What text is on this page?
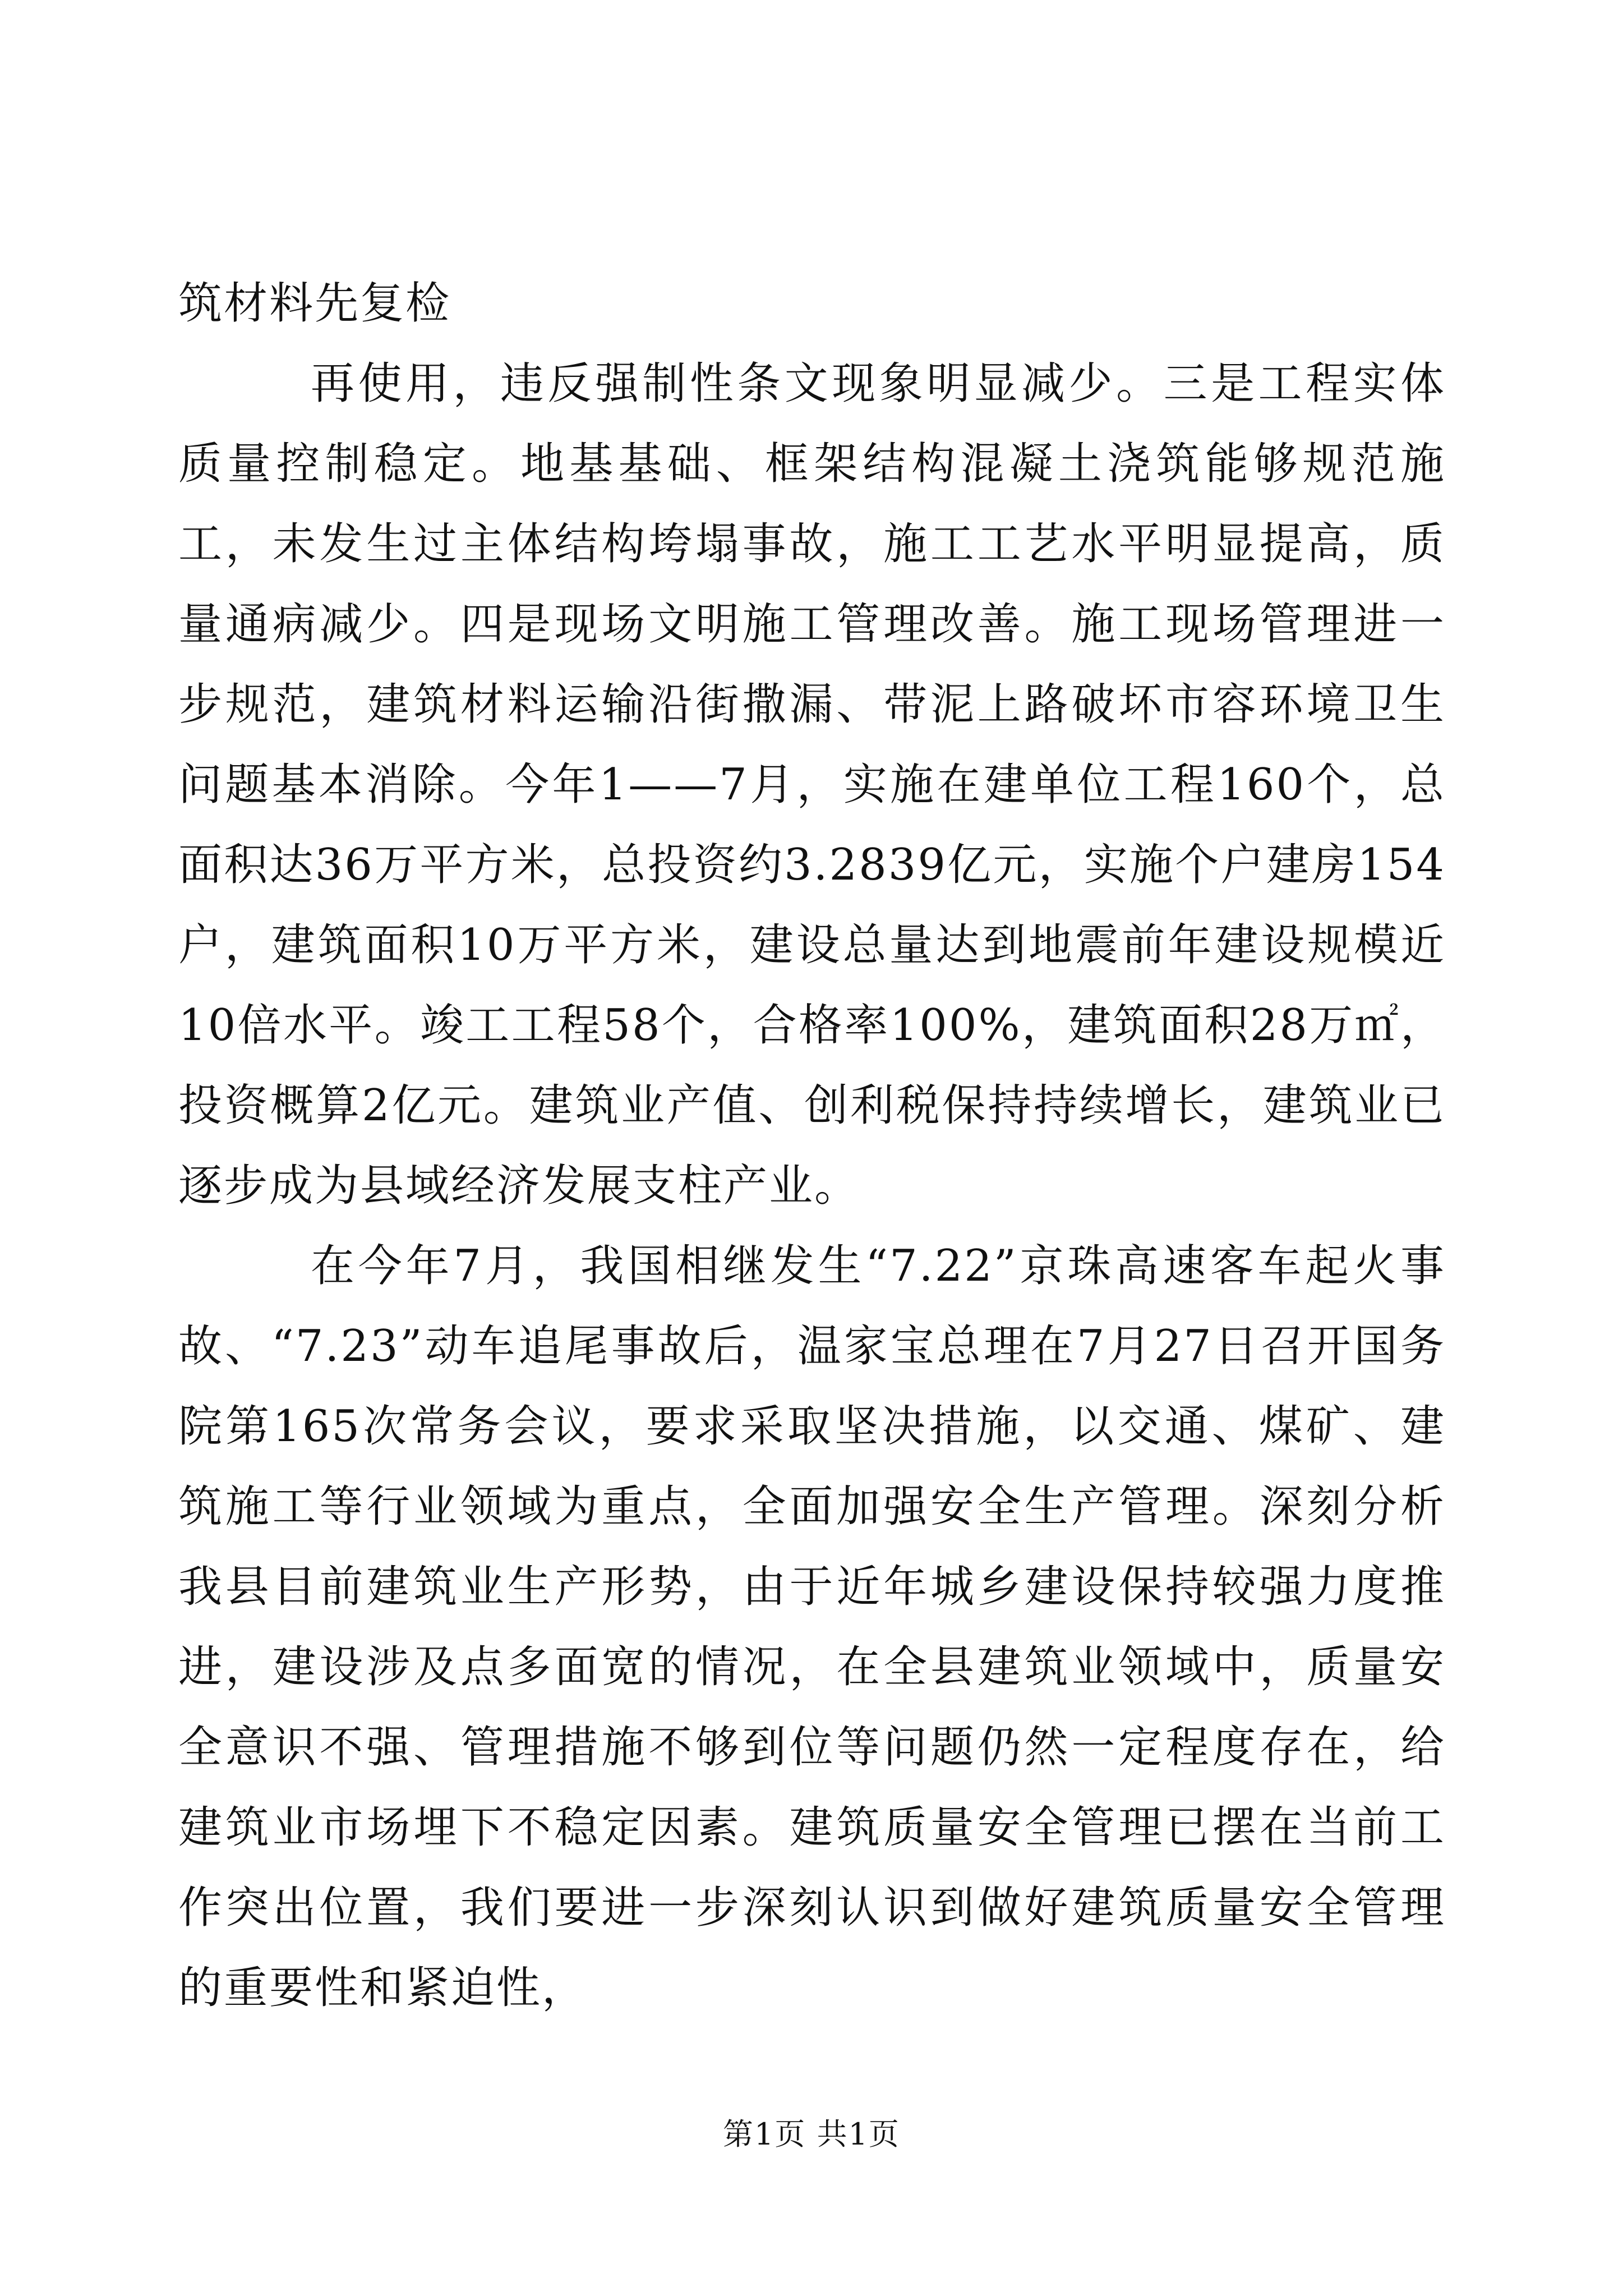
筑材料先复检

再使用，违反强制性条文现象明显减少。三是工程实体质量控制稳定。地基基础、框架结构混凝土浇筑能够规范施工，未发生过主体结构垮塌事故，施工工艺水平明显提高，质量通病减少。四是现场文明施工管理改善。施工现场管理进一步规范，建筑材料运输沿街撒漏、带泥上路破坏市容环境卫生问题基本消除。今年1——7月，实施在建单位工程160个，总面积达36万平方米，总投资约3.2839亿元，实施个户建房154户，建筑面积10万平方米，建设总量达到地震前年建设规模近10倍水平。竣工工程58个，合格率100%，建筑面积28万㎡，投资概算2亿元。建筑业产值、创利税保持持续增长，建筑业已逐步成为县域经济发展支柱产业。

在今年7月，我国相继发生“7.22”京珠高速客车起火事故、“7.23”动车追尾事故后，温家宝总理在7月27日召开国务院第165次常务会议，要求采取坚决措施，以交通、煤矿、建筑施工等行业领域为重点，全面加强安全生产管理。深刻分析我县目前建筑业生产形势，由于近年城乡建设保持较强力度推进，建设涉及点多面宽的情况，在全县建筑业领域中，质量安全意识不强、管理措施不够到位等问题仍然一定程度存在，给建筑业市场埋下不稳定因素。建筑质量安全管理已摆在当前工作突出位置，我们要进一步深刻认识到做好建筑质量安全管理的重要性和紧迫性，

第1页 共1页
